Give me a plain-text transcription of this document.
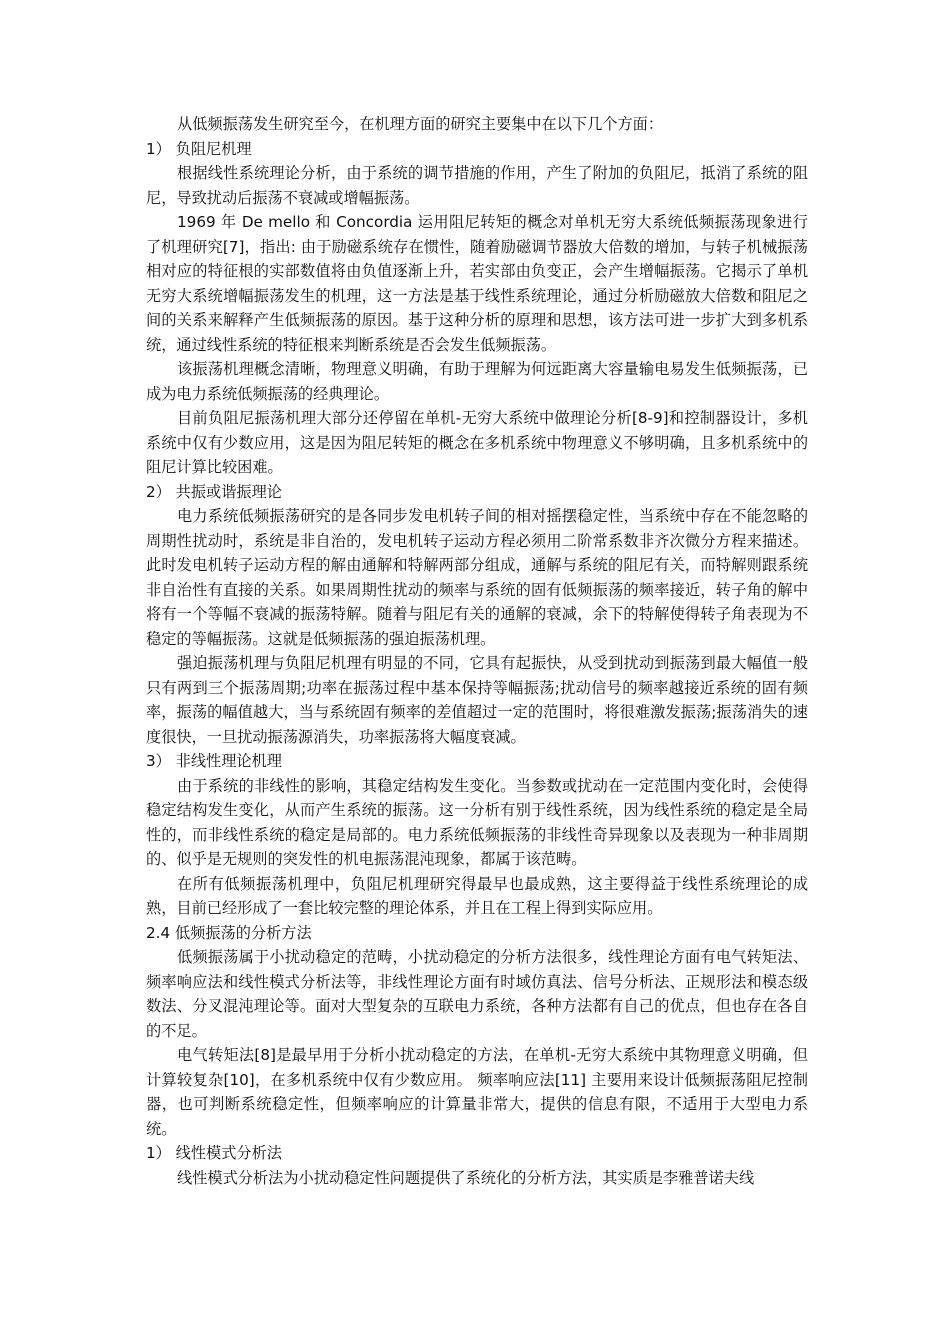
从低频振荡发生研究至今，在机理方面的研究主要集中在以下几个方面：

1） 负阻尼机理

根据线性系统理论分析，由于系统的调节措施的作用，产生了附加的负阻尼，抵消了系统的阻尼，导致扰动后振荡不衰减或增幅振荡。

1969 年 De mello 和 Concordia 运用阻尼转矩的概念对单机无穷大系统低频振荡现象进行了机理研究[7]，指出: 由于励磁系统存在惯性，随着励磁调节器放大倍数的增加，与转子机械振荡相对应的特征根的实部数值将由负值逐渐上升，若实部由负变正，会产生增幅振荡。它揭示了单机无穷大系统增幅振荡发生的机理，这一方法是基于线性系统理论，通过分析励磁放大倍数和阻尼之间的关系来解释产生低频振荡的原因。基于这种分析的原理和思想，该方法可进一步扩大到多机系统，通过线性系统的特征根来判断系统是否会发生低频振荡。

该振荡机理概念清晰，物理意义明确，有助于理解为何远距离大容量输电易发生低频振荡，已成为电力系统低频振荡的经典理论。

目前负阻尼振荡机理大部分还停留在单机-无穷大系统中做理论分析[8-9]和控制器设计，多机系统中仅有少数应用，这是因为阻尼转矩的概念在多机系统中物理意义不够明确，且多机系统中的阻尼计算比较困难。

2） 共振或谐振理论

电力系统低频振荡研究的是各同步发电机转子间的相对摇摆稳定性，当系统中存在不能忽略的周期性扰动时，系统是非自治的，发电机转子运动方程必须用二阶常系数非齐次微分方程来描述。此时发电机转子运动方程的解由通解和特解两部分组成，通解与系统的阻尼有关，而特解则跟系统非自治性有直接的关系。如果周期性扰动的频率与系统的固有低频振荡的频率接近，转子角的解中将有一个等幅不衰减的振荡特解。随着与阻尼有关的通解的衰减，余下的特解使得转子角表现为不稳定的等幅振荡。这就是低频振荡的强迫振荡机理。

强迫振荡机理与负阻尼机理有明显的不同，它具有起振快，从受到扰动到振荡到最大幅值一般只有两到三个振荡周期;功率在振荡过程中基本保持等幅振荡;扰动信号的频率越接近系统的固有频率，振荡的幅值越大，当与系统固有频率的差值超过一定的范围时，将很难激发振荡;振荡消失的速度很快，一旦扰动振荡源消失，功率振荡将大幅度衰减。

3） 非线性理论机理

由于系统的非线性的影响，其稳定结构发生变化。当参数或扰动在一定范围内变化时，会使得稳定结构发生变化，从而产生系统的振荡。这一分析有别于线性系统，因为线性系统的稳定是全局性的，而非线性系统的稳定是局部的。电力系统低频振荡的非线性奇异现象以及表现为一种非周期的、似乎是无规则的突发性的机电振荡混沌现象，都属于该范畴。

在所有低频振荡机理中，负阻尼机理研究得最早也最成熟，这主要得益于线性系统理论的成熟，目前已经形成了一套比较完整的理论体系，并且在工程上得到实际应用。

2.4 低频振荡的分析方法

低频振荡属于小扰动稳定的范畴，小扰动稳定的分析方法很多，线性理论方面有电气转矩法、频率响应法和线性模式分析法等，非线性理论方面有时域仿真法、信号分析法、正规形法和模态级数法、分叉混沌理论等。面对大型复杂的互联电力系统，各种方法都有自己的优点，但也存在各自的不足。

电气转矩法[8]是最早用于分析小扰动稳定的方法，在单机-无穷大系统中其物理意义明确，但计算较复杂[10]，在多机系统中仅有少数应用。 频率响应法[11] 主要用来设计低频振荡阻尼控制器，也可判断系统稳定性，但频率响应的计算量非常大，提供的信息有限，不适用于大型电力系统。

1） 线性模式分析法

线性模式分析法为小扰动稳定性问题提供了系统化的分析方法，其实质是李雅普诺夫线
